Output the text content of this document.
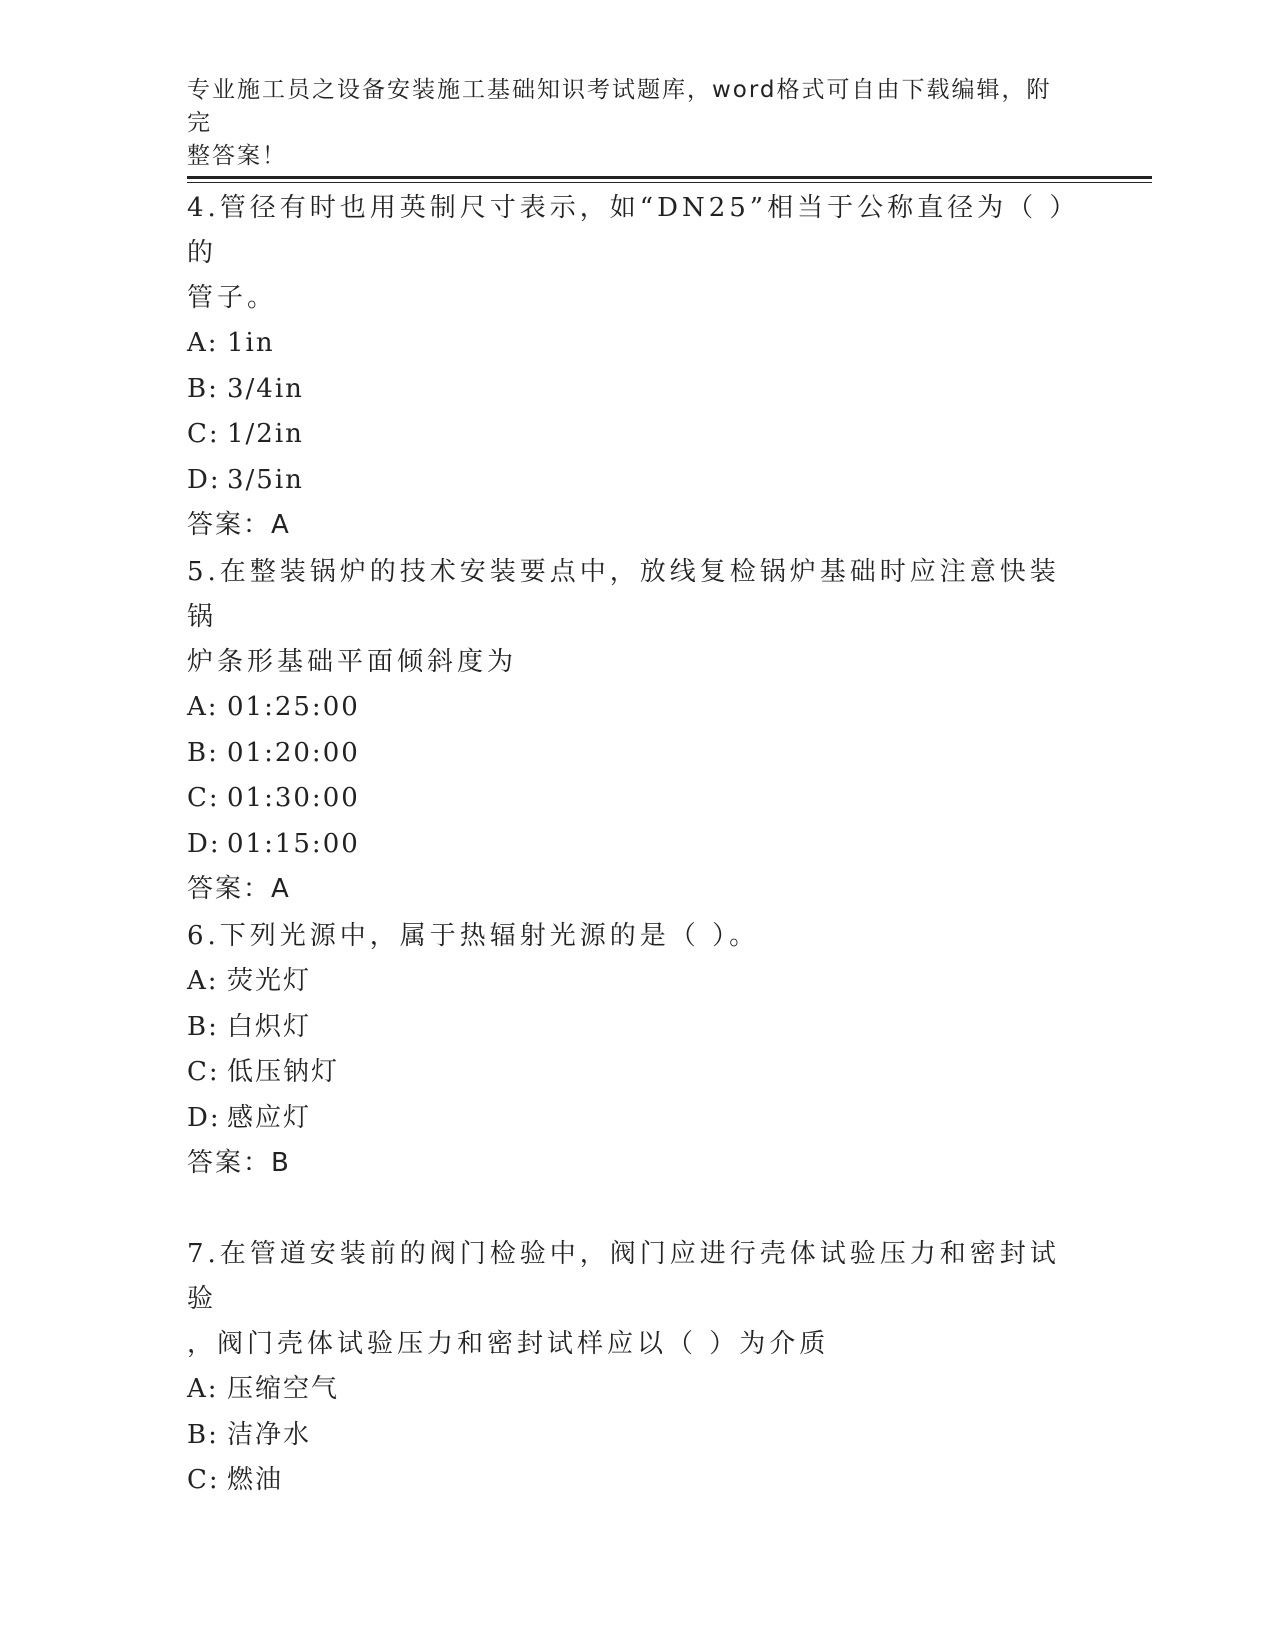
专业施工员之设备安装施工基础知识考试题库，word格式可自由下载编辑，附完
整答案！

4.管径有时也用英制尺寸表示，如“DN25”相当于公称直径为（ ）的

管子。

A: 1in

B: 3/4in

C: 1/2in

D: 3/5in

答案：A

5.在整装锅炉的技术安装要点中，放线复检锅炉基础时应注意快装锅

炉条形基础平面倾斜度为

A: 01:25:00

B: 01:20:00

C: 01:30:00

D: 01:15:00

答案：A

6.下列光源中，属于热辐射光源的是（ ）。

A: 荧光灯

B: 白炽灯

C: 低压钠灯

D: 感应灯

答案：B

7.在管道安装前的阀门检验中，阀门应进行壳体试验压力和密封试验

，阀门壳体试验压力和密封试样应以（ ）为介质

A: 压缩空气

B: 洁净水

C: 燃油
